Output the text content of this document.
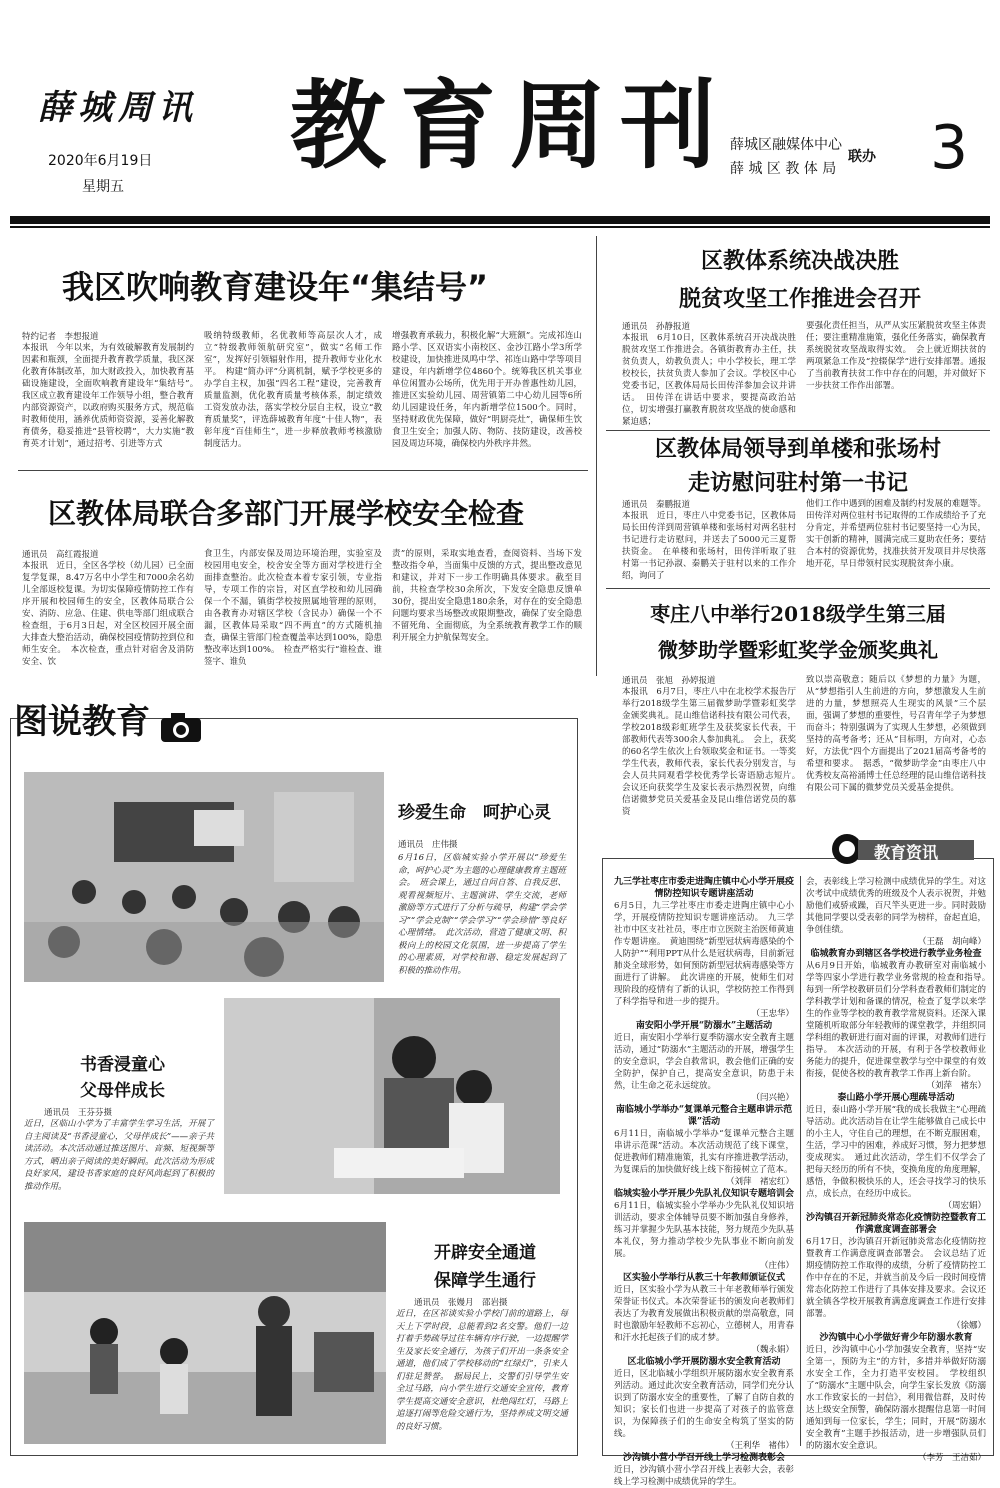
薛城周讯
2020年6月19日
星期五
教育周刊 薛城区融媒体中心
薛 城 区 教 体 局
联办 3
我区吹响教育建设年“集结号”
特约记者　李想报道
本报讯　今年以来，为有效破解教育发展制约因素和瓶颈，全面提升教育教学质量，我区深化教育体制改革，加大财政投入，加快教育基础设施建设，全面吹响教育建设年“集结号”。　我区成立教育建设年工作领导小组，整合教育内部资源资产，以政府购买服务方式，规范临时教师使用，涵养优质师资资源，妥善化解教育债务，稳妥推进“县管校聘”，大力实施“教育英才计划”，通过招考、引进等方式
吸纳特级教师，名优教师等高层次人才，成立“特级教师领航研究室”，做实“名师工作室”，发挥好引领辐射作用，提升教师专业化水平。　构建“简办评”分离机制，赋予学校更多的办学自主权，加强“四名工程”建设，完善教育质量监测，优化教育质量考核体系，制定绩效工资发放办法，落实学校分层自主权，设立“教育质量奖”，评选薛城教育年度“十佳人物”，表彰年度“百佳师生”，进一步释放教师考核激励制度活力。
增强教育承载力，积极化解“大班额”。完成祁连山路小学、区双语实小南校区、金沙江路小学3所学校建设，加快推进凤鸣中学、祁连山路中学等项目建设，年内新增学位4860个。统筹我区机关事业单位闲置办公场所，优先用于开办普惠性幼儿园，推进区实验幼儿园、周营镇第二中心幼儿园等6所幼儿园建设任务，年内新增学位1500个。同时，坚持财政优先保障，做好“明厨亮灶”，确保师生饮食卫生安全；加强人防、物防、技防建设，改善校园及周边环境，确保校内外秩序井然。
区教体局联合多部门开展学校安全检查
通讯员　高红霞报道
本报讯　近日，全区各学校（幼儿园）已全面复学复课，8.47万名中小学生和7000余名幼儿全部返校复课。为切实保障疫情防控工作有序开展和校园师生的安全，区教体局联合公安、消防、应急、住建、供电等部门组成联合检查组，于6月3日起，对全区校园开展全面大排查大整治活动，确保校园疫情防控到位和师生安全。　本次检查，重点针对宿舍及消防安全、饮
食卫生，内部安保及周边环境治理，实验室及校园用电安全，校舍安全等方面对学校进行全面排查整治。此次检查本着专家引领，专业指导，专项工作的宗旨，对区直学校和幼儿园确保一个不漏，镇街学校按照属地管理的原则，由各教育办对辖区学校（含民办）确保一个不漏，区教体局采取“四不两直”的方式随机抽查，确保主管部门检查覆盖率达到100%，隐患整改率达到100%。　检查严格实行“谁检查、谁签字、谁负
责”的原则，采取实地查看，查阅资料、当场下发整改指令单，当面集中反馈的方式，提出整改意见和建议，并对下一步工作明确具体要求。截至目前，共检查学校30余所次，下发安全隐患反馈单30份，提出安全隐患180余条，对存在的安全隐患问题均要求当场整改或限期整改，确保了安全隐患不留死角、全面彻底，为全系统教育教学工作的顺利开展全力护航保驾安全。
区教体系统决战决胜
脱贫攻坚工作推进会召开
通讯员　孙静报道
本报讯　6月10日，区教体系统召开决战决胜脱贫攻坚工作推进会。各镇街教育办主任，扶贫负责人，幼教负责人；中小学校长，理工学校校长，扶贫负责人参加了会议。学校区中心党委书记，区教体局局长田传洋参加会议并讲话。　田传洋在讲话中要求，要提高政治站位，切实增强打赢教育脱贫攻坚战的使命感和紧迫感；
要强化责任担当，从严从实压紧脱贫攻坚主体责任；要注重精准施策，强化任务落实，确保教育系统脱贫攻坚战取得实效。　会上就近期扶贫的两项紧急工作及“控辍保学”进行安排部署。通报了当前教育扶贫工作中存在的问题，并对做好下一步扶贫工作作出部署。
区教体局领导到单楼和张场村
走访慰问驻村第一书记
通讯员　秦鹏报道
本报讯　近日，枣庄八中党委书记，区教体局局长田传洋到周营镇单楼和张场村对两名驻村书记进行走访慰问，并送去了5000元三夏帮扶资金。　在单楼和张场村，田传洋听取了驻村第一书记孙淑、秦鹏关于驻村以来的工作介绍，询问了
他们工作中遇到的困难及制约村发展的难题等。田传洋对两位驻村书记取得的工作成绩给予了充分肯定，并希望两位驻村书记要坚持一心为民，实干创新的精神，圆满完成三夏助农任务；要结合本村的资源优势，找准扶贫开发项目并尽快落地开花，早日带领村民实现脱贫奔小康。
枣庄八中举行2018级学生第三届
微梦助学暨彩虹奖学金颁奖典礼
通讯员　张旭　孙婷报道
本报讯　6月7日，枣庄八中在北校学术报告厅举行2018级学生第三届微梦助学暨彩虹奖学金颁奖典礼。昆山维信诺科技有限公司代表，学校2018级彩虹班学生及获奖家长代表，干部教师代表等300余人参加典礼。　会上，获奖的60名学生依次上台领取奖金和证书。一等奖学生代表，教师代表，家长代表分别发言，与会人员共同观看学校优秀学长寄语励志短片。　会议还向获奖学生及家长表示热烈祝贺，向维信诺微梦党员关爱基金及昆山维信诺党员的慕资
致以崇高敬意；随后以《梦想的力量》为题，从“梦想指引人生前进的方向，梦想激发人生前进的力量，梦想照亮人生现实的风景”三个层面，强调了梦想的重要性，号召青年学子为梦想而奋斗；特别强调为了实现人生梦想，必须做到坚持的高考备考；还从“目标明，方向对，心态好，方法优”四个方面提出了2021届高考备考的希望和要求。　据悉，“微梦助学金”由枣庄八中优秀校友高裕涌博士任总经理的昆山维信诺科技有限公司下属的微梦党员关爱基金提供。
图说教育
珍爱生命　呵护心灵
通讯员　庄伟摄
6月16日，区临城实验小学开展以“珍爱生命，呵护心灵”为主题的心理健康教育主题班会。　班会课上，通过自问自答、自我反思、观看视频短片、主题演讲、学生交流，老师激励等方式进行了分析与疏导，构建“学会学习”“学会克制”“学会学习”“学会珍惜”等良好心理情绪。　此次活动，营造了健康文明、积极向上的校园文化氛围，进一步提高了学生的心理素质，对学校和谐、稳定发展起到了积极的推动作用。
书香浸童心
父母伴成长
通讯员　王芬芬摄
近日，区临山小学为了丰富学生学习生活，开展了自主阅读及“书香浸童心，父母伴成长”——亲子共读活动。本次活动通过推送图片、音频、短视频等方式，晒出亲子阅读的美好瞬间。此次活动为形成良好家风，建设书香家庭的良好风尚起到了积极的推动作用。
开辟安全通道
保障学生通行
通讯员　张嫚月　邵岩摄
近日，在区祁谈实验小学校门前的道路上，每天上下学时段，总能看到2名交警。他们一边打着手势疏导过往车辆有序行驶，一边提醒学生及家长安全通行，为孩子们开出一条条安全通道，他们成了学校移动的“红绿灯”，引来人们驻足赞誉。　据局民上，交警们引导学生安全过马路，向小学生进行交通安全宣传，教育学生提高交通安全意识，杜绝闯红灯，马路上追逐打闹等危险交通行为，坚持养成文明交通的良好习惯。
教育资讯
九三学社枣庄市委走进陶庄镇中心小学开展疫情防控知识专题讲座活动
6月5日，九三学社枣庄市委走进陶庄镇中心小学，开展疫情防控知识专题讲座活动。　九三学社市中区支社社员，枣庄市立医院主治医师黄迪作专题讲座。　黄迪围绕“新型冠状病毒感染的个人防护”“利用PPT从什么是冠状病毒，目前新冠肺炎全球形势，如何预防新型冠状病毒感染等方面进行了讲解。　此次讲座的开展，使师生们对现阶段的疫情有了新的认识，学校防控工作得到了科学指导和进一步的提升。
（王忠华）
南安阳小学开展“防溺水”主题活动
近日，南安阳小学举行夏季防溺水安全教育主题活动，通过“防溺水”主题活动的开展，增强学生的安全意识，学会自救常识，教会他们正确的安全防护，保护自己，提高安全意识，防患于未然，让生命之花永远绽放。
（闫兴艳）
南临城小学举办“复课单元整合主题串讲示范课”活动
6月11日，南临城小学举办“复课单元整合主题串讲示范课”活动。本次活动规范了线下课堂，促进教师们精准施策，扎实有序推进教学活动，为复课后的加快做好线上线下衔接树立了范本。
（刘萍　褚宏红）
临城实验小学开展少先队礼仪知识专题培训会
6月11日，临城实验小学举办少先队礼仪知识培训活动，要求全体辅导员要不断加强自身修养，练习并掌握少先队基本技能，努力规范少先队基本礼仪，努力推动学校少先队事业不断向前发展。
（庄伟）
区实验小学举行从教三十年教师颁证仪式
近日，区实验小学为从教三十年老教师举行颁发荣誉证书仪式。本次荣誉证书的颁发向老教师们表达了为教育发展做出积极贡献的崇高敬意，同时也激励年轻教师不忘初心，立德树人，用青春和汗水托起孩子们的成才梦。
（魏永娟）
区北临城小学开展防溺水安全教育活动
近日，区北临城小学组织开展防溺水安全教育系列活动。通过此次安全教育活动，同学们充分认识到了防溺水安全的重要性，了解了自防自救的知识；家长们也进一步提高了对孩子的监管意识，为保障孩子们的生命安全构筑了坚实的防线。
（王利华　褚伟）
沙沟镇小营小学召开线上学习检测表彰会
近日，沙沟镇小营小学召开线上表彰大会，表彰线上学习检测中成绩优异的学生。
会，表彰线上学习检测中成绩优异的学生。对这次考试中成绩优秀的班级及个人表示祝贺，并勉励他们戒骄戒躁，百尺竿头更进一步。同时鼓励其他同学要以受表彰的同学为榜样，奋起直追，争创佳绩。
（王磊　胡向峰）
临城教育办到辖区各学校进行教学业务检查
从6月9日开始，临城教育办教研室对南临城小学等四家小学进行教学业务常规的检查和指导。　每到一所学校教研员们分学科查看教师们制定的学科教学计划和备课的情况，检查了复学以来学生的作业等学校的教育教学常规资料。还深入课堂随机听取部分年轻教师的课堂教学，并组织同学科组的教研进行面对面的评课，对教师们进行指导。　本次活动的开展，有利于各学校教师业务能力的提升，促进课堂教学与空中课堂的有效衔接，促使各校的教育教学工作再上新台阶。
（刘萍　褚东）
泰山路小学开展心理疏导活动
近日，泰山路小学开展“我的成长我做主”心理疏导活动。此次活动旨在让学生能够做自己成长中的小主人，守住自己的理想，在不断克服困难，生活，学习中的困难，养成好习惯，努力把梦想变成现实。　通过此次活动，学生们不仅学会了把每天经历的所有不快，变换角度的角度理解，感悟，争做积极快乐的人，还会寻找学习的快乐点，成长点，在经历中成长。
（周宏娟）
沙沟镇召开新冠肺炎常态化疫情防控暨教育工作满意度调查部署会
6月17日，沙沟镇召开新冠肺炎常态化疫情防控暨教育工作满意度调查部署会。　会议总结了近期疫情防控工作取得的成绩，分析了疫情防控工作中存在的不足，并就当前及今后一段时间疫情常态化防控工作进行了具体安排及要求。会议还就全镇各学校开展教育满意度调查工作进行安排部署。
（徐娜）
沙沟镇中心小学做好青少年防溺水教育
近日，沙沟镇中心小学加强安全教育，坚持“安全第一，预防为主”的方针，多措并举做好防溺水安全工作，全力打造平安校园。　学校组织了“防溺水”主题中队会，向学生家长发放《防溺水工作致家长的一封信》，利用微信群，及时传达上级安全预警，确保防溺水提醒信息第一时间通知到每一位家长，学生；同时，开展“防溺水安全教育”主题手抄报活动，进一步增强队员们的防溺水安全意识。
（李芳　王洁茹）
